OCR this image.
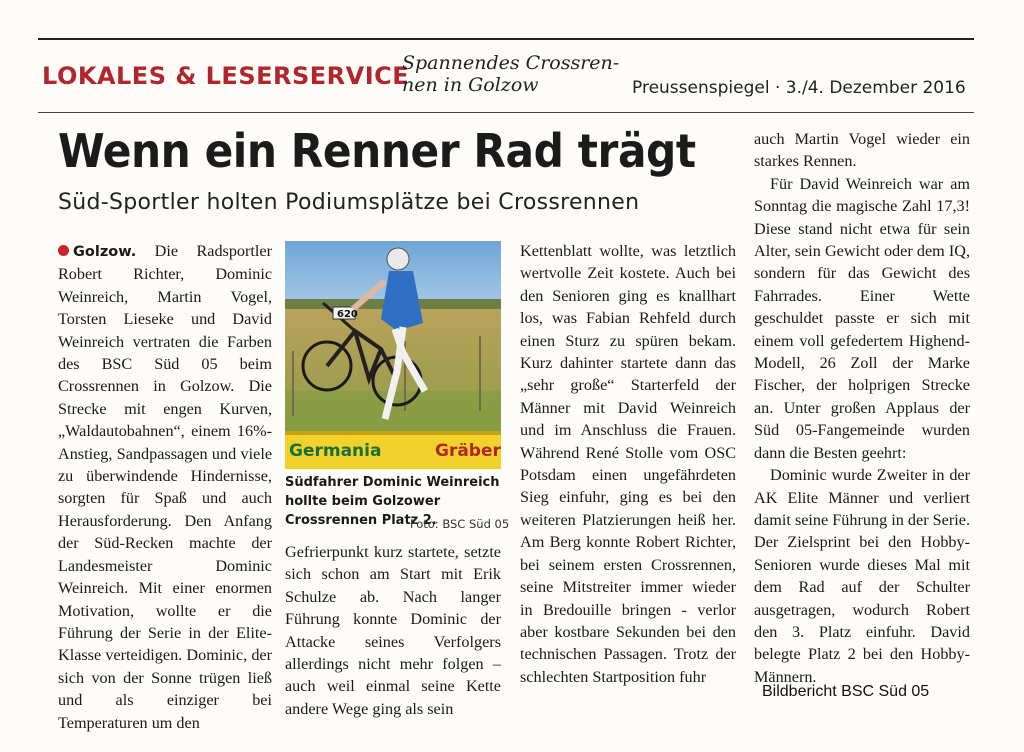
LOKALES & LESERSERVICE
Spannendes Crossren-nen in Golzow	Preussenspiegel · 3./4. Dezember 2016
Wenn ein Renner Rad trägt
Süd-Sportler holten Podiumsplätze bei Crossrennen

Golzow. Die Radsportler Robert Richter, Dominic Weinreich, Martin Vogel, Torsten Lieseke und David Weinreich vertraten die Farben des BSC Süd 05 beim Crossrennen in Golzow. Die Strecke mit engen Kurven, „Waldautobahnen“, einem 16%-Anstieg, Sandpassagen und viele zu überwindende Hindernisse, sorgten für Spaß und auch Herausforderung. Den Anfang der Süd-Recken machte der Landesmeister Dominic Weinreich. Mit einer enormen Motivation, wollte er die Führung der Serie in der Elite-Klasse verteidigen. Dominic, der sich von der Sonne trügen ließ und als einziger bei Temperaturen um den

620
Germania	Gräber
Südfahrer Dominic Weinreich hollte beim Golzower Crossrennen Platz 2.
Foto: BSC Süd 05

Gefrierpunkt kurz startete, setzte sich schon am Start mit Erik Schulze ab. Nach langer Führung konnte Dominic der Attacke seines Verfolgers allerdings nicht mehr folgen – auch weil einmal seine Kette andere Wege ging als sein

Kettenblatt wollte, was letztlich wertvolle Zeit kostete. Auch bei den Senioren ging es knallhart los, was Fabian Rehfeld durch einen Sturz zu spüren bekam. Kurz dahinter startete dann das „sehr große“ Starterfeld der Männer mit David Weinreich und im Anschluss die Frauen. Während René Stolle vom OSC Potsdam einen ungefährdeten Sieg einfuhr, ging es bei den weiteren Platzierungen heiß her. Am Berg konnte Robert Richter, bei seinem ersten Crossrennen, seine Mitstreiter immer wieder in Bredouille bringen - verlor aber kostbare Sekunden bei den technischen Passagen. Trotz der schlechten Startposition fuhr

auch Martin Vogel wieder ein starkes Rennen.

Für David Weinreich war am Sonntag die magische Zahl 17,3! Diese stand nicht etwa für sein Alter, sein Gewicht oder dem IQ, sondern für das Gewicht des Fahrrades. Einer Wette geschuldet passte er sich mit einem voll gefedertem Highend-Modell, 26 Zoll der Marke Fischer, der holprigen Strecke an. Unter großen Applaus der Süd 05-Fangemeinde wurden dann die Besten geehrt:

Dominic wurde Zweiter in der AK Elite Männer und verliert damit seine Führung in der Serie. Der Zielsprint bei den Hobby-Senioren wurde dieses Mal mit dem Rad auf der Schulter ausgetragen, wodurch Robert den 3. Platz einfuhr. David belegte Platz 2 bei den Hobby-Männern.

Bildbericht BSC Süd 05
